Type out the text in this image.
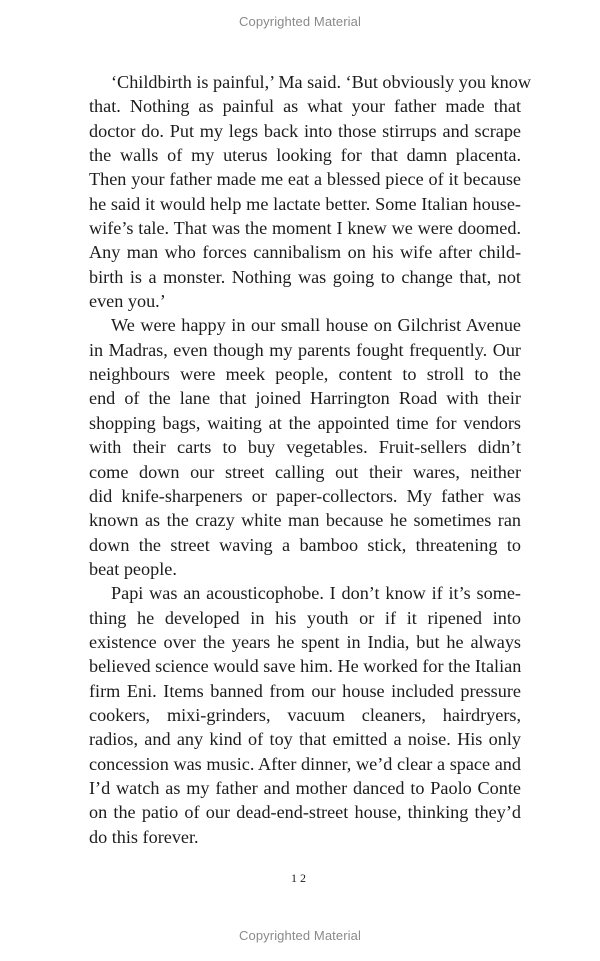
Copyrighted Material
‘Childbirth is painful,’ Ma said. ‘But obviously you know
that. Nothing as painful as what your father made that
doctor do. Put my legs back into those stirrups and scrape
the walls of my uterus looking for that damn placenta.
Then your father made me eat a blessed piece of it because
he said it would help me lactate better. Some Italian house-
wife’s tale. That was the moment I knew we were doomed.
Any man who forces cannibalism on his wife after child-
birth is a monster. Nothing was going to change that, not
even you.’
We were happy in our small house on Gilchrist Avenue
in Madras, even though my parents fought frequently. Our
neighbours were meek people, content to stroll to the
end of the lane that joined Harrington Road with their
shopping bags, waiting at the appointed time for vendors
with their carts to buy vegetables. Fruit-sellers didn’t
come down our street calling out their wares, neither
did knife-sharpeners or paper-collectors. My father was
known as the crazy white man because he sometimes ran
down the street waving a bamboo stick, threatening to
beat people.
Papi was an acousticophobe. I don’t know if it’s some-
thing he developed in his youth or if it ripened into
existence over the years he spent in India, but he always
believed science would save him. He worked for the Italian
firm Eni. Items banned from our house included pressure
cookers, mixi-grinders, vacuum cleaners, hairdryers,
radios, and any kind of toy that emitted a noise. His only
concession was music. After dinner, we’d clear a space and
I’d watch as my father and mother danced to Paolo Conte
on the patio of our dead-end-street house, thinking they’d
do this forever.
12
Copyrighted Material
